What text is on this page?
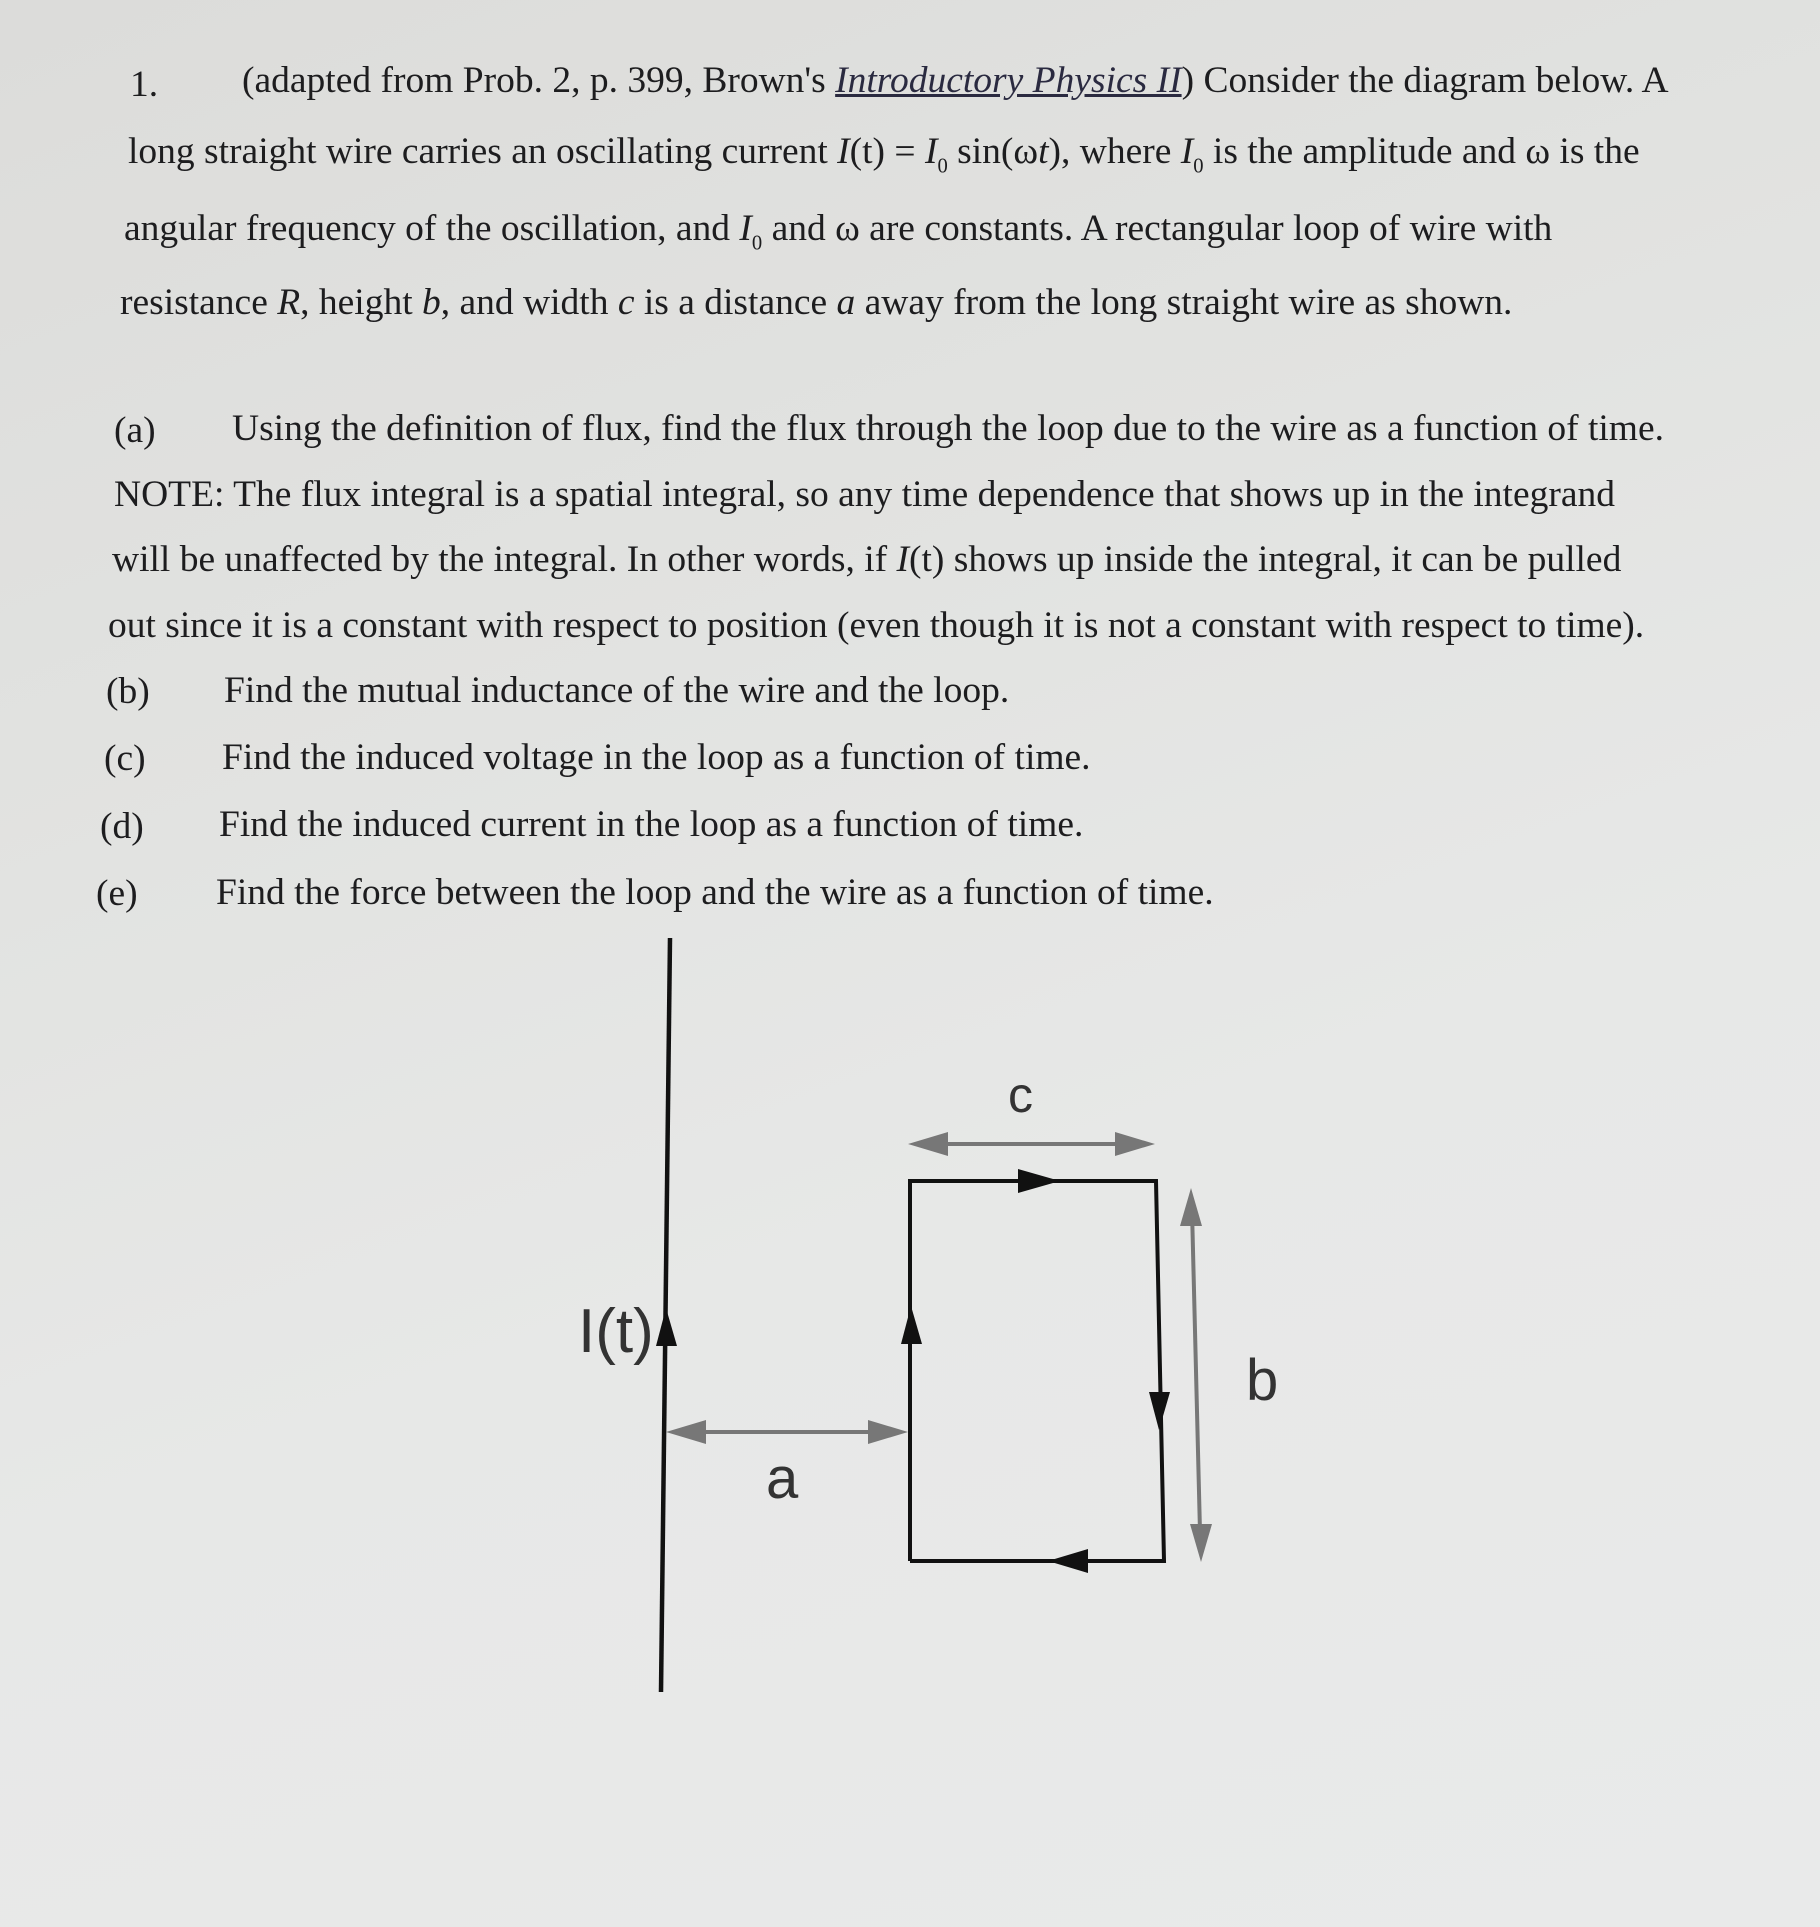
1. (adapted from Prob. 2, p. 399, Brown's Introductory Physics II) Consider the diagram below. A
long straight wire carries an oscillating current $I(t) = I_0$ sin(ωt), where $I_0$ is the amplitude and ω is the
angular frequency of the oscillation, and $I_0$ and ω are constants. A rectangular loop of wire with
resistance R, height b, and width c is a distance a away from the long straight wire as shown.
(a) Using the definition of flux, find the flux through the loop due to the wire as a function of time.
NOTE: The flux integral is a spatial integral, so any time dependence that shows up in the integrand
will be unaffected by the integral. In other words, if I(t) shows up inside the integral, it can be pulled
out since it is a constant with respect to position (even though it is not a constant with respect to time).
(b) Find the mutual inductance of the wire and the loop.
(c) Find the induced voltage in the loop as a function of time.
(d) Find the induced current in the loop as a function of time.
(e) Find the force between the loop and the wire as a function of time.
I(t)
a
c
b
